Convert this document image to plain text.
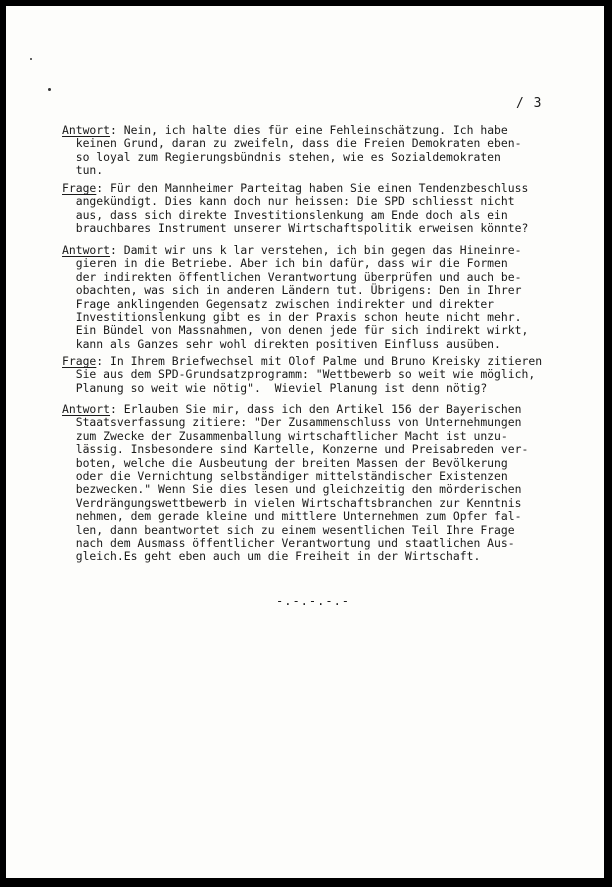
/ 3
Antwort: Nein, ich halte dies für eine Fehleinschätzung. Ich habe
keinen Grund, daran zu zweifeln, dass die Freien Demokraten eben-
so loyal zum Regierungsbündnis stehen, wie es Sozialdemokraten
tun.
Frage: Für den Mannheimer Parteitag haben Sie einen Tendenzbeschluss
angekündigt. Dies kann doch nur heissen: Die SPD schliesst nicht
aus, dass sich direkte Investitionslenkung am Ende doch als ein
brauchbares Instrument unserer Wirtschaftspolitik erweisen könnte?
Antwort: Damit wir uns k lar verstehen, ich bin gegen das Hineinre-
gieren in die Betriebe. Aber ich bin dafür, dass wir die Formen
der indirekten öffentlichen Verantwortung überprüfen und auch be-
obachten, was sich in anderen Ländern tut. Übrigens: Den in Ihrer
Frage anklingenden Gegensatz zwischen indirekter und direkter
Investitionslenkung gibt es in der Praxis schon heute nicht mehr.
Ein Bündel von Massnahmen, von denen jede für sich indirekt wirkt,
kann als Ganzes sehr wohl direkten positiven Einfluss ausüben.
Frage: In Ihrem Briefwechsel mit Olof Palme und Bruno Kreisky zitieren
Sie aus dem SPD-Grundsatzprogramm: "Wettbewerb so weit wie möglich,
Planung so weit wie nötig".  Wieviel Planung ist denn nötig?
Antwort: Erlauben Sie mir, dass ich den Artikel 156 der Bayerischen
Staatsverfassung zitiere: "Der Zusammenschluss von Unternehmungen
zum Zwecke der Zusammenballung wirtschaftlicher Macht ist unzu-
lässig. Insbesondere sind Kartelle, Konzerne und Preisabreden ver-
boten, welche die Ausbeutung der breiten Massen der Bevölkerung
oder die Vernichtung selbständiger mittelständischer Existenzen
bezwecken." Wenn Sie dies lesen und gleichzeitig den mörderischen
Verdrängungswettbewerb in vielen Wirtschaftsbranchen zur Kenntnis
nehmen, dem gerade kleine und mittlere Unternehmen zum Opfer fal-
len, dann beantwortet sich zu einem wesentlichen Teil Ihre Frage
nach dem Ausmass öffentlicher Verantwortung und staatlichen Aus-
gleich.Es geht eben auch um die Freiheit in der Wirtschaft.
-.-.-.-.-
